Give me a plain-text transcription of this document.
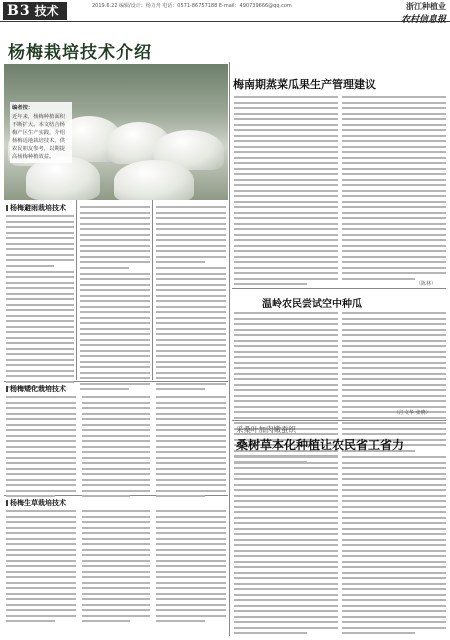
B3 技术	2019.6.22 编辑/设计：杨力舟 电话：0571-86757188 E-mail：490739666@qq.com	浙江种植业
农村信息报
杨梅栽培技术介绍
梅南期蒸菜瓜果生产管理建议
编者按：
近年来，杨梅种植面积不断扩大。本文结合杨梅产区生产实践，介绍杨梅适地栽培技术，供农民朋友参考，以期提高杨梅种植效益。
杨梅避雨栽培技术
杨梅矮化栽培技术
杨梅生草栽培技术
（陈林）
温岭农民尝试空中种瓜
（江文华 张晓）
采桑叶加肉嫩蚕织
桑树草本化种植让农民省工省力
